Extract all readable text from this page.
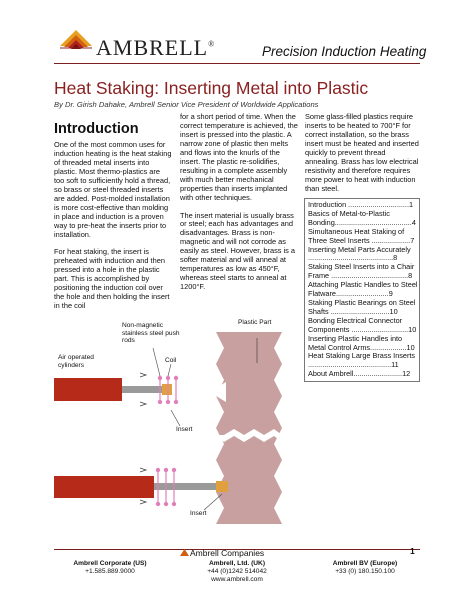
AMBRELL®	Precision Induction Heating
Heat Staking: Inserting Metal into Plastic
By Dr. Girish Dahake, Ambrell Senior Vice President of Worldwide Applications
Introduction

One of the most common uses for induction heating is the heat staking of threaded metal inserts into plastic. Most thermo-plastics are too soft to sufficiently hold a thread, so brass or steel threaded inserts are added. Post-molded installation is more cost-effective than molding in place and induction is a proven way to pre-heat the inserts prior to installation.

For heat staking, the insert is preheated with induction and then pressed into a hole in the plastic part. This is accomplished by positioning the induction coil over the hole and then holding the insert in the coil

for a short period of time. When the correct temperature is achieved, the insert is pressed into the plastic. A narrow zone of plastic then melts and flows into the knurls of the insert. The plastic re-solidifies, resulting in a complete assembly with much better mechanical properties than inserts implanted with other techniques.

The insert material is usually brass or steel; each has advantages and disadvantages. Brass is non-magnetic and will not corrode as easily as steel. However, brass is a softer material and will anneal at temperatures as low as 450°F, whereas steel starts to anneal at 1200°F.

Some glass-filled plastics require inserts to be heated to 700°F for correct installation, so the brass insert must be heated and inserted quickly to prevent thread annealing. Brass has low electrical resistivity and therefore requires more power to heat with induction than steel.

Introduction ..............................1
Basics of Metal-to-Plastic Bonding......................................4
Simultaneous Heat Staking of Three Steel Inserts ...................7
Inserting Metal Parts Accurately ..........................................8
Staking Steel Inserts into a Chair Frame ......................................8
Attaching Plastic Handles to Steel Flatware..........................9
Staking Plastic Bearings on Steel Shafts .............................10
Bonding Electrical Connector Components ............................10
Inserting Plastic Handles into Metal Control Arms..................10
Heat Staking Large Brass Inserts .........................................11
About Ambrell........................12
Non-magnetic stainless steel push rods
Air operated cylinders
Coil
Plastic Part
Insert
Insert
Ambrell Companies	1
Ambrell Corporate (US)
+1.585.889.9000
Ambrell, Ltd. (UK)
+44 (0)1242 514042
www.ambrell.com
Ambrell BV (Europe)
+33 (0) 180.150.100
